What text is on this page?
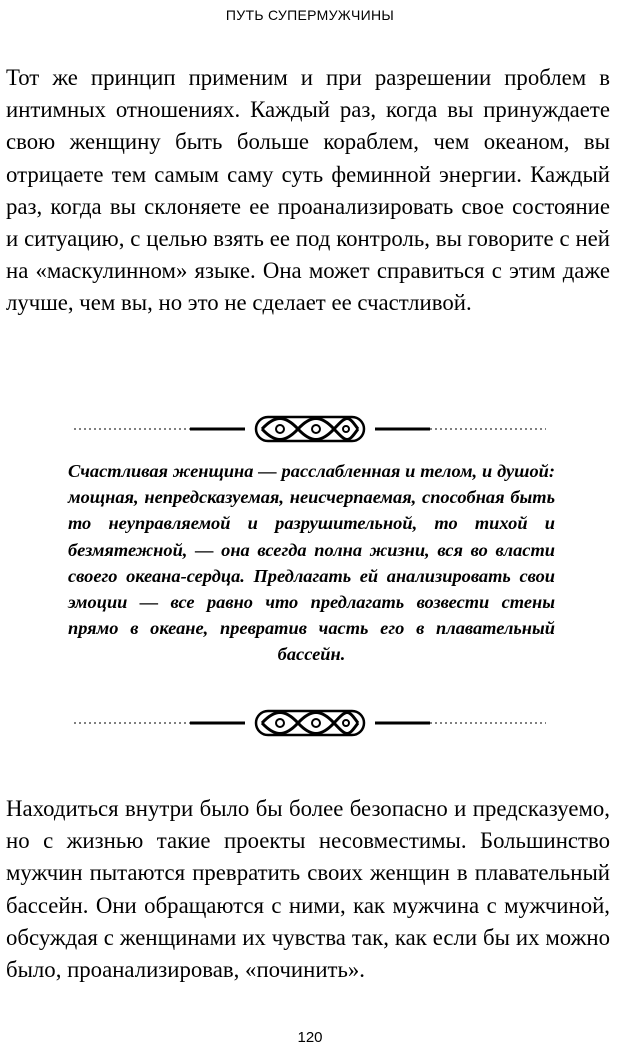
ПУТЬ СУПЕРМУЖЧИНЫ

Тот же принцип применим и при разрешении проблем в интимных отношениях. Каждый раз, когда вы принуждаете свою женщину быть больше кораблем, чем океаном, вы отрицаете тем самым саму суть феминной энергии. Каждый раз, когда вы склоняете ее проанализировать свое состояние и ситуацию, с целью взять ее под контроль, вы говорите с ней на «маскулинном» языке. Она может справиться с этим даже лучше, чем вы, но это не сделает ее счастливой.

Счастливая женщина — расслабленная и телом, и душой: мощная, непредсказуемая, неисчерпаемая, способная быть то неуправляемой и разрушительной, то тихой и безмятежной, — она всегда полна жизни, вся во власти своего океана-сердца. Предлагать ей анализировать свои эмоции — все равно что предлагать возвести стены прямо в океане, превратив часть его в плавательный бассейн.

Находиться внутри было бы более безопасно и предсказуемо, но с жизнью такие проекты несовместимы. Большинство мужчин пытаются превратить своих женщин в плавательный бассейн. Они обращаются с ними, как мужчина с мужчиной, обсуждая с женщинами их чувства так, как если бы их можно было, проанализировав, «починить».

120
